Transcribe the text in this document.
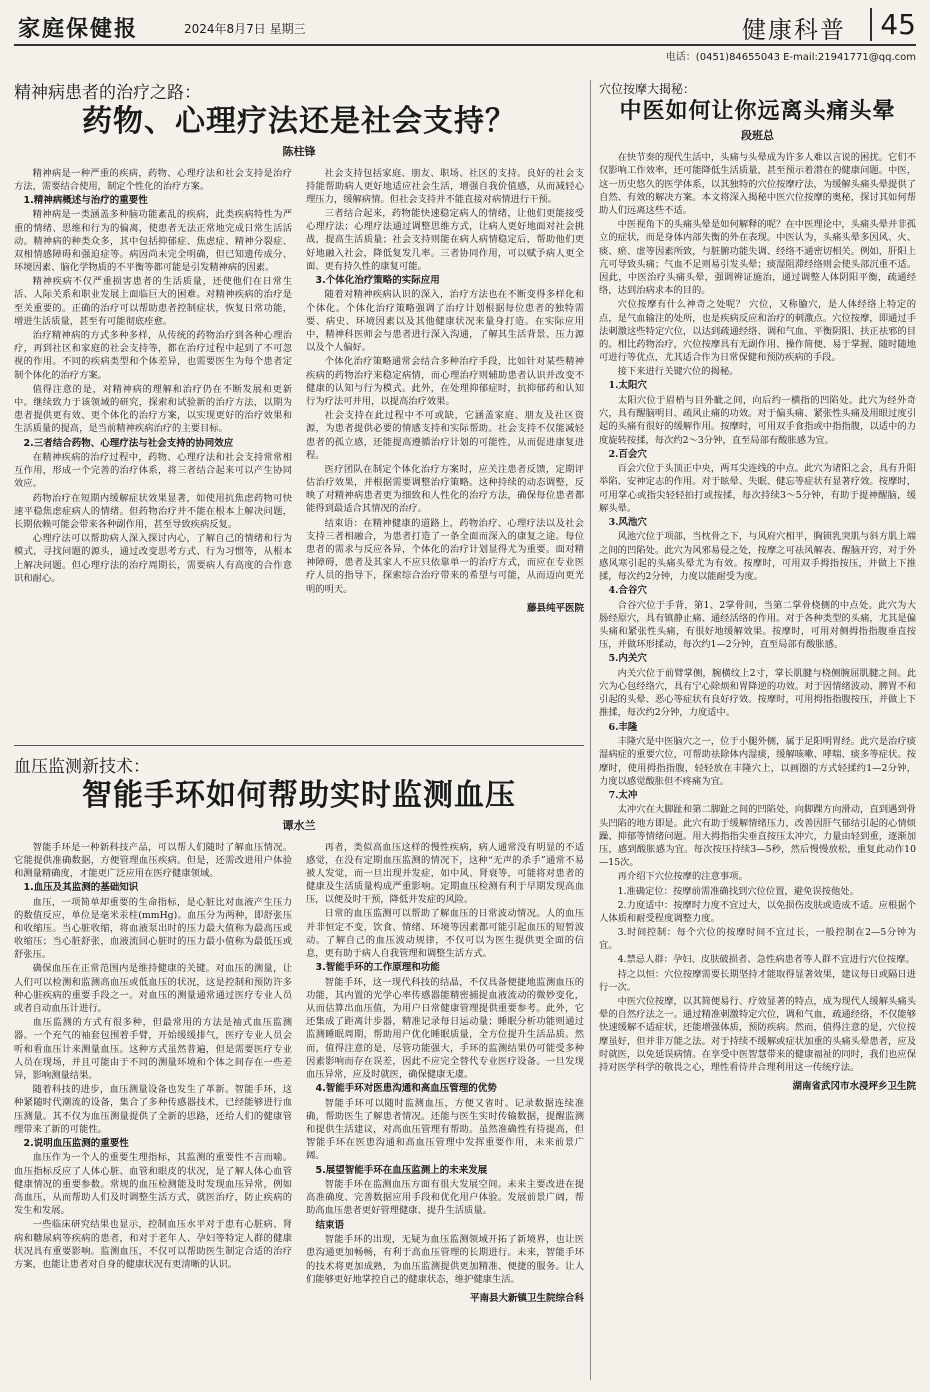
家庭保健报	2024年8月7日 星期三	健康科普	45
电话：(0451)84655043 E-mail:21941771@qq.com
精神病患者的治疗之路：
药物、心理疗法还是社会支持？
陈柱锋

精神病是一种严重的疾病，药物、心理疗法和社会支持是治疗方法，需要结合使用，制定个性化的治疗方案。

1.精神病概述与治疗的重要性

精神病是一类涵盖多种脑功能紊乱的疾病，此类疾病特性为严重的情绪、思维和行为的偏离，使患者无法正常地完成日常生活活动。精神病的种类众多，其中包括抑郁症、焦虑症、精神分裂症、双相情感障碍和强迫症等。病因尚未完全明确，但已知遗传成分、环境因素、脑化学物质的不平衡等都可能是引发精神病的因素。

精神疾病不仅严重损害患者的生活质量，还使他们在日常生活、人际关系和职业发展上面临巨大的困难。对精神疾病的治疗是至关重要的。正确的治疗可以帮助患者控制症状，恢复日常功能，增进生活质量，甚至有可能彻底痊愈。

治疗精神病的方式多种多样，从传统的药物治疗到各种心理治疗，再到社区和家庭的社会支持等，都在治疗过程中起到了不可忽视的作用。不同的疾病类型和个体差异，也需要医生为每个患者定制个体化的治疗方案。

值得注意的是，对精神病的理解和治疗仍在不断发展和更新中。继续致力于该领域的研究，探索和试验新的治疗方法，以期为患者提供更有效、更个体化的治疗方案，以实现更好的治疗效果和生活质量的提高，是当前精神疾病治疗的主要目标。

2.三者结合药物、心理疗法与社会支持的协同效应

在精神疾病的治疗过程中，药物、心理疗法和社会支持常常相互作用，形成一个完善的治疗体系，将三者结合起来可以产生协同效应。

药物治疗在短期内缓解症状效果显著，如使用抗焦虑药物可快速平稳焦虑症病人的情绪。但药物治疗并不能在根本上解决问题，长期依赖可能会带来各种副作用，甚至导致疾病反复。

心理疗法可以帮助病人深入探讨内心，了解自己的情绪和行为模式，寻找问题的源头，通过改变思考方式、行为习惯等，从根本上解决问题。但心理疗法的治疗周期长，需要病人有高度的合作意识和耐心。

社会支持包括家庭、朋友、职场、社区的支持。良好的社会支持能帮助病人更好地适应社会生活，增强自我价值感，从而减轻心理压力，缓解病情。但社会支持并不能直接对病情进行干预。

三者结合起来，药物能快速稳定病人的情绪，让他们更能接受心理疗法；心理疗法通过调整思维方式，让病人更好地面对社会挑战，提高生活质量；社会支持则能在病人病情稳定后，帮助他们更好地融入社会，降低复发几率。三者协同作用，可以赋予病人更全面、更有持久性的康复可能。

3.个体化治疗策略的实际应用

随着对精神疾病认识的深入，治疗方法也在不断变得多样化和个体化。个体化治疗策略强调了治疗计划根据每位患者的独特需要、病史、环境因素以及其他健康状况来量身打造。在实际应用中，精神科医师会与患者进行深入沟通，了解其生活背景、压力源以及个人偏好。

个体化治疗策略通常会结合多种治疗手段，比如针对某些精神疾病的药物治疗来稳定病情，而心理治疗则辅助患者认识并改变不健康的认知与行为模式。此外，在处理抑郁症时，抗抑郁药和认知行为疗法可并用，以提高治疗效果。

社会支持在此过程中不可或缺，它涵盖家庭、朋友及社区资源，为患者提供必要的情感支持和实际帮助。社会支持不仅能减轻患者的孤立感，还能提高遵循治疗计划的可能性，从而促进康复进程。

医疗团队在制定个体化治疗方案时，应关注患者反馈，定期评估治疗效果，并根据需要调整治疗策略。这种持续的动态调整，反映了对精神病患者更为细致和人性化的治疗方法，确保每位患者都能得到最适合其情况的治疗。

结束语：在精神健康的道路上，药物治疗、心理疗法以及社会支持三者相融合，为患者打造了一条全面而深入的康复之途。每位患者的需求与反应各异，个体化的治疗计划显得尤为重要。面对精神障碍，患者及其家人不应只依靠单一的治疗方式，而应在专业医疗人员的指导下，探索综合治疗带来的希望与可能，从而迈向更光明的明天。

藤县纯平医院
血压监测新技术：
智能手环如何帮助实时监测血压
谭水兰

智能手环是一种新科技产品，可以帮人们随时了解血压情况。它能提供准确数据，方便管理血压疾病。但是，还需改进用户体验和测量精确度，才能更广泛应用在医疗健康领域。

1.血压及其监测的基础知识

血压，一项简单却重要的生命指标，是心脏比对血液产生压力的数值反应，单位是毫米汞柱(mmHg)。血压分为两种，即舒张压和收缩压。当心脏收缩，将血液泵出时的压力最大值称为最高压或收缩压；当心脏舒张，血液流回心脏时的压力最小值称为最低压或舒张压。

确保血压在正常范围内是维持健康的关键。对血压的测量，让人们可以检测和监测高血压或低血压的状况，这是控制和预防许多种心脏疾病的重要手段之一。对血压的测量通常通过医疗专业人员或者自动血压计进行。

血压监测的方式有很多种，但最常用的方法是袖式血压监测器。一个充气的袖套包围着手臂，开始缓缓排气，医疗专业人员会听和看血压计来测量血压。这种方式虽然普遍，但是需要医疗专业人员在现场，并且可能由于不同的测量环境和个体之间存在一些差异，影响测量结果。

随着科技的进步，血压测量设备也发生了革新。智能手环，这种紧随时代潮流的设备，集合了多种传感器技术，已经能够进行血压测量。其不仅为血压测量提供了全新的思路，还给人们的健康管理带来了新的可能性。

2.说明血压监测的重要性

血压作为一个人的重要生理指标，其监测的重要性不言而喻。血压指标反应了人体心脏、血管和眼皮的状况，是了解人体心血管健康情况的重要参数。常规的血压检测能及时发现血压异常，例如高血压，从而帮助人们及时调整生活方式，就医治疗，防止疾病的发生和发展。

一些临床研究结果也显示，控制血压水平对于患有心脏病、肾病和糖尿病等疾病的患者，和对于老年人、孕妇等特定人群的健康状况具有重要影响。监测血压，不仅可以帮助医生制定合适的治疗方案，也能让患者对自身的健康状况有更清晰的认识。

再者，类似高血压这样的慢性疾病，病人通常没有明显的不适感觉，在没有定期血压监测的情况下，这种“无声的杀手”通常不易被人发觉，而一旦出现并发症，如中风、肾衰等，可能将对患者的健康及生活质量构成严重影响。定期血压检测有利于早期发现高血压，以便及时干预，降低并发症的风险。

日常的血压监测可以帮助了解血压的日常波动情况。人的血压并非恒定不变，饮食、情绪、环境等因素都可能引起血压的短暂波动。了解自己的血压波动规律，不仅可以为医生提供更全面的信息，更有助于病人自我管理和调整生活方式。

3.智能手环的工作原理和功能

智能手环，这一现代科技的结晶，不仅具备便捷地监测血压的功能，其内置的光学心率传感器能精密捕捉血液流动的微妙变化，从而估算出血压值，为用户日常健康管理提供重要参考。此外，它还集成了距离计步器，精准记录每日运动量；睡眠分析功能则通过监测睡眠周期，帮助用户优化睡眠质量，全方位提升生活品质。然而，值得注意的是，尽管功能强大，手环的监测结果仍可能受多种因素影响而存在误差，因此不应完全替代专业医疗设备。一旦发现血压异常，应及时就医，确保健康无虞。

4.智能手环对医患沟通和高血压管理的优势

智能手环可以随时监测血压，方便又省时。记录数据连续准确，帮助医生了解患者情况。还能与医生实时传输数据，提醒监测和提供生活建议，对高血压管理有帮助。虽然准确性有待提高，但智能手环在医患沟通和高血压管理中发挥重要作用，未来前景广阔。

5.展望智能手环在血压监测上的未来发展

智能手环在监测血压方面有很大发展空间。未来主要改进在提高准确度、完善数据应用手段和优化用户体验。发展前景广阔，帮助高血压患者更好管理健康、提升生活质量。

结束语

智能手环的出现，无疑为血压监测领域开拓了新境界，也让医患沟通更加畅畅，有利于高血压管理的长期进行。未来，智能手环的技术将更加成熟，为血压监测提供更加精准、便捷的服务。让人们能够更好地掌控自己的健康状态，维护健康生活。

平南县大新镇卫生院综合科
穴位按摩大揭秘：
中医如何让你远离头痛头晕
段班总

在快节奏的现代生活中，头痛与头晕成为许多人难以言说的困扰。它们不仅影响工作效率，还可能降低生活质量，甚至预示着潜在的健康问题。中医，这一历史悠久的医学体系，以其独特的穴位按摩疗法，为缓解头痛头晕提供了自然、有效的解决方案。本文将深入揭秘中医穴位按摩的奥秘，探讨其如何帮助人们远离这些不适。

中医视角下的头痛头晕是如何解释的呢？在中医理论中，头痛头晕并非孤立的症状，而是身体内部失衡的外在表现。中医认为，头痛头晕多因风、火、痰、瘀、虚等因素所致，与脏腑功能失调、经络不通密切相关。例如，肝阳上亢可导致头痛；气血不足则易引发头晕；痰湿阻滞经络则会使头部沉重不适。因此，中医治疗头痛头晕，强调辨证施治，通过调整人体阴阳平衡，疏通经络，达到治病求本的目的。

穴位按摩有什么神奇之处呢？ 穴位，又称腧穴，是人体经络上特定的点，是气血输注的处所，也是疾病反应和治疗的刺激点。穴位按摩，即通过手法刺激这些特定穴位，以达到疏通经络、调和气血、平衡阴阳、扶正祛邪的目的。相比药物治疗，穴位按摩具有无副作用、操作简便、易于掌握、随时随地可进行等优点，尤其适合作为日常保健和预防疾病的手段。

接下来进行关键穴位的揭秘。

1.太阳穴

太阳穴位于眉梢与目外眦之间，向后约一横指的凹陷处。此穴为经外奇穴，具有醒脑明目、疏风止痛的功效。对于偏头痛、紧张性头痛及用眼过度引起的头痛有很好的缓解作用。按摩时，可用双手食指或中指指腹，以适中的力度旋转按揉，每次约2～3分钟，直至局部有酸胀感为宜。

2.百会穴

百会穴位于头顶正中央，两耳尖连线的中点。此穴为诸阳之会，具有升阳举陷、安神定志的作用。对于眩晕、失眠、健忘等症状有显著疗效。按摩时，可用掌心或指尖轻轻拍打或按揉，每次持续3～5分钟，有助于提神醒脑，缓解头晕。

3.风池穴

风池穴位于项部，当枕骨之下，与风府穴相平，胸锁乳突肌与斜方肌上端之间的凹陷处。此穴为风邪易侵之处，按摩之可祛风解表、醒脑开窍，对于外感风寒引起的头痛头晕尤为有效。按摩时，可用双手拇指按压，并做上下推揉，每次约2分钟，力度以能耐受为度。

4.合谷穴

合谷穴位于手背，第1、2掌骨间，当第二掌骨桡侧的中点处。此穴为大肠经原穴，具有镇静止痛、通经活络的作用。对于各种类型的头痛，尤其是偏头痛和紧张性头痛，有很好地缓解效果。按摩时，可用对侧拇指指腹垂直按压，并做环形揉动，每次约1—2分钟，直至局部有酸胀感。

5.内关穴

内关穴位于前臂掌侧，腕横纹上2寸，掌长肌腱与桡侧腕屈肌腱之间。此穴为心包经络穴，具有宁心除烦和胃降逆的功效。对于因情绪波动、脾胃不和引起的头晕、恶心等症状有良好疗效。按摩时，可用拇指指腹按压，并做上下推揉，每次约2分钟，力度适中。

6.丰隆

丰隆穴是中医脑穴之一，位于小腿外侧，属于足阳明胃经。此穴是治疗痰湿病症的重要穴位，可帮助祛除体内湿痰，缓解咳嗽、哮喘、痰多等症状。按摩时，使用拇指指腹，轻轻放在丰隆穴上，以画圈的方式轻揉约1—2分钟，力度以感觉酸胀但不疼痛为宜。

7.太冲

太冲穴在大脚趾和第二脚趾之间的凹陷处，向脚踝方向滑动，直到遇到骨头凹陷的地方即是。此穴有助于缓解情绪压力，改善因肝气郁结引起的心情烦躁、抑郁等情绪问题。用大拇指指尖垂直按压太冲穴，力量由轻到重，逐渐加压，感到酸胀感为宜。每次按压持续3—5秒，然后慢慢放松，重复此动作10—15次。

再介绍下穴位按摩的注意事项。

1.准确定位：按摩前需准确找到穴位位置，避免误按他处。

2.力度适中：按摩时力度不宜过大，以免损伤皮肤或造成不适。应根据个人体质和耐受程度调整力度。

3.时间控制：每个穴位的按摩时间不宜过长，一般控制在2—5分钟为宜。

4.禁忌人群：孕妇、皮肤破损者、急性病患者等人群不宜进行穴位按摩。

持之以恒：穴位按摩需要长期坚持才能取得显著效果，建议每日或隔日进行一次。

中医穴位按摩，以其简便易行、疗效显著的特点，成为现代人缓解头痛头晕的自然疗法之一。通过精准刺激特定穴位，调和气血，疏通经络，不仅能够快速缓解不适症状，还能增强体质，预防疾病。然而，值得注意的是，穴位按摩虽好，但并非万能之法。对于持续不缓解或症状加重的头痛头晕患者，应及时就医，以免延误病情。在享受中医智慧带来的健康福祉的同时，我们也应保持对医学科学的敬畏之心，理性看待并合理利用这一传统疗法。

湖南省武冈市水浸坪乡卫生院
